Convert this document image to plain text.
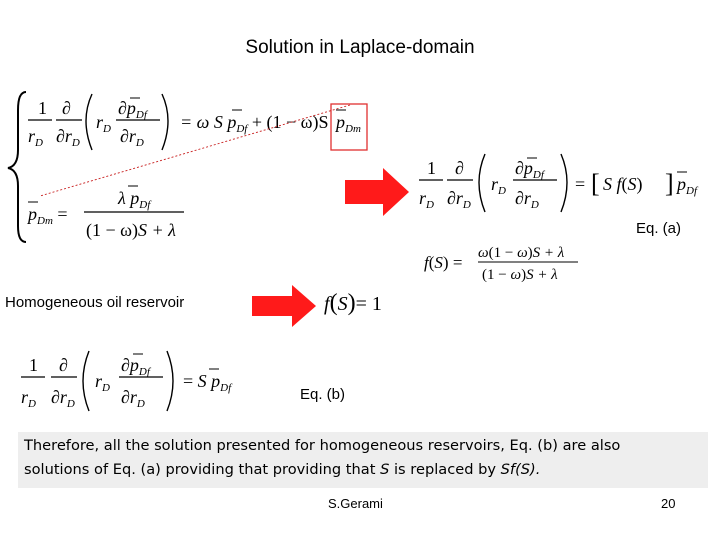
Solution in Laplace-domain
1
$r_D$
∂
$\partial r_D$
$r_D$
$\partial p_{Df}$
$\partial r_D$
= ω S $p_{Df} + (1 - \omega)S$ $p_{Dm}$
$p_{Dm}$ =
λ $p_{Df}$
(1 − ω)S + λ
1
$r_D$
∂
$\partial r_D$
$r_D$
$\partial p_{Df}$
$\partial r_D$
= [ S f(S) ] $p_{Df}$
Eq. (a)
f(S) = ω(1 − ω)S + λ
(1 − ω)S + λ
Homogeneous oil reservoir	f(S)= 1
1
$r_D$
∂
$\partial r_D$
$r_D$
$\partial p_{Df}$
$\partial r_D$
= S $p_{Df}$	Eq. (b)
Therefore, all the solution presented for homogeneous reservoirs, Eq. (b) are also
solutions of Eq. (a) providing that providing that S is replaced by Sf(S).
S.Gerami	20
